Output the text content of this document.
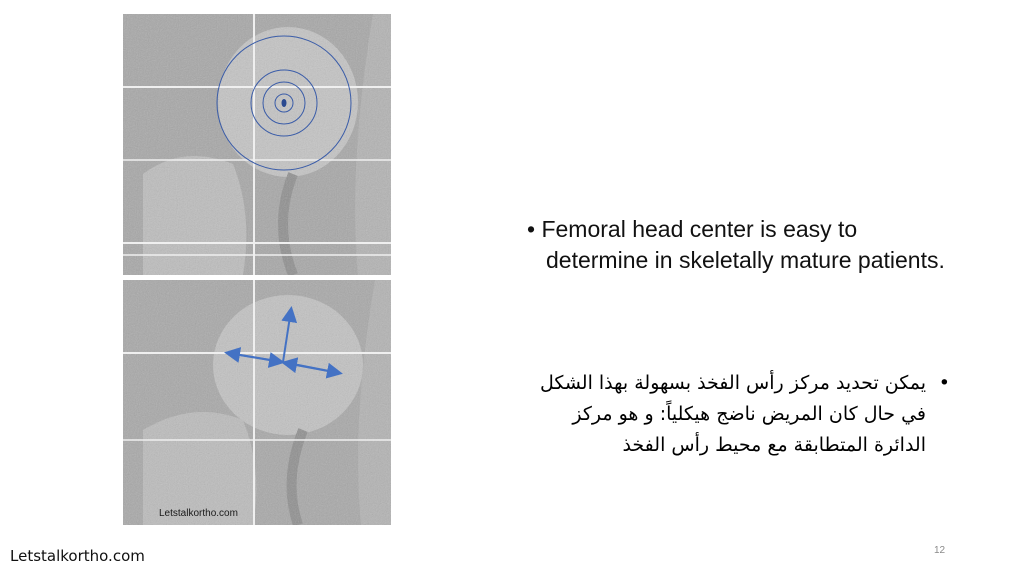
Letstalkortho.com
• Femoral head center is easy to determine in skeletally mature patients.
•
يمكن تحديد مركز رأس الفخذ بسهولة بهذا الشكل في حال كان المريض ناضج هيكلياً: و هو مركز الدائرة المتطابقة مع محيط رأس الفخذ
Letstalkortho.com	12
